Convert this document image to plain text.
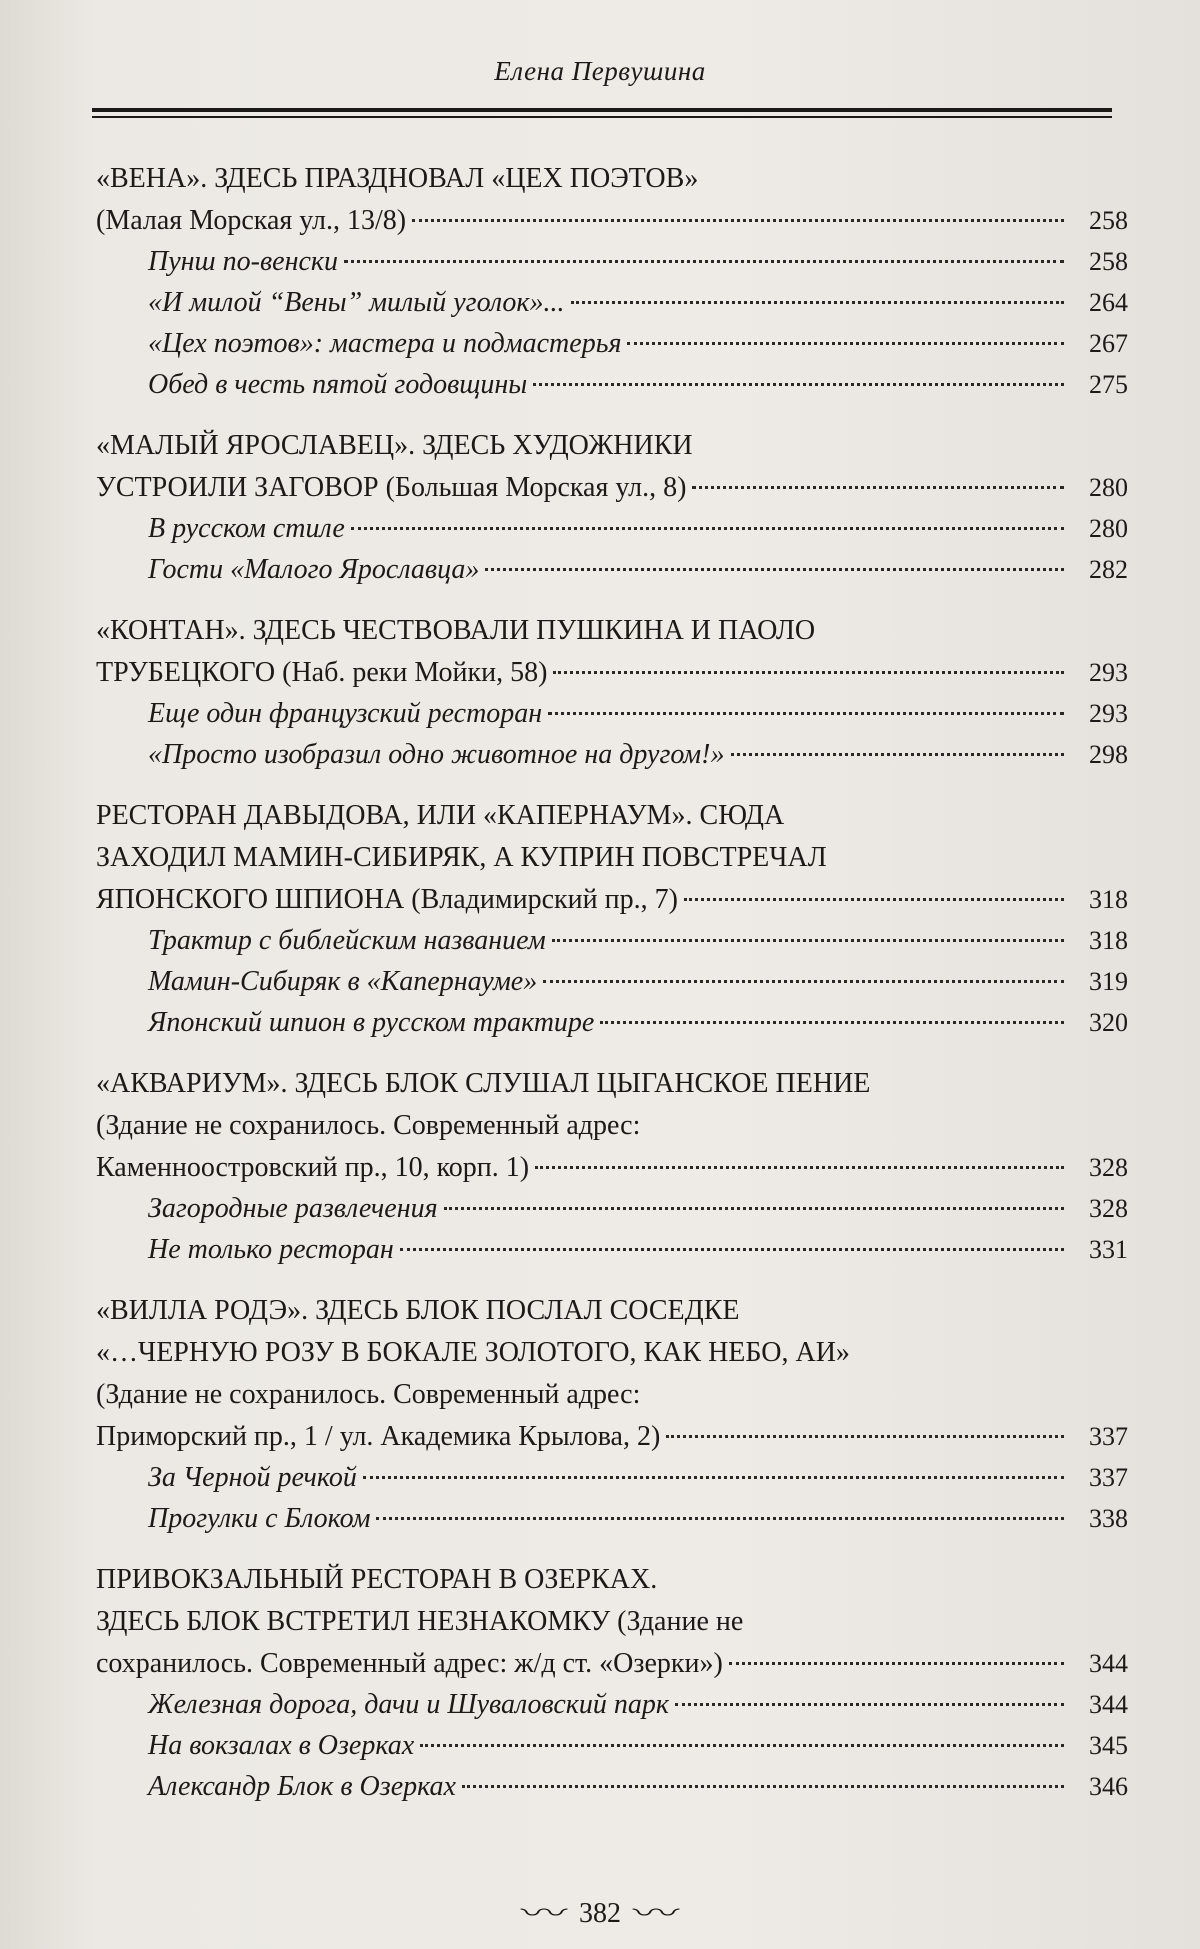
Елена Первушина
«ВЕНА». ЗДЕСЬ ПРАЗДНОВАЛ «ЦЕХ ПОЭТОВ»
(Малая Морская ул., 13/8)	258
Пунш по-венски	258
«И милой “Вены” милый уголок»...	264
«Цех поэтов»: мастера и подмастерья	267
Обед в честь пятой годовщины	275
«МАЛЫЙ ЯРОСЛАВЕЦ». ЗДЕСЬ ХУДОЖНИКИ
УСТРОИЛИ ЗАГОВОР (Большая Морская ул., 8)	280
В русском стиле	280
Гости «Малого Ярославца»	282
«КОНТАН». ЗДЕСЬ ЧЕСТВОВАЛИ ПУШКИНА И ПАОЛО
ТРУБЕЦКОГО (Наб. реки Мойки, 58)	293
Еще один французский ресторан	293
«Просто изобразил одно животное на другом!»	298
РЕСТОРАН ДАВЫДОВА, ИЛИ «КАПЕРНАУМ». СЮДА
ЗАХОДИЛ МАМИН-СИБИРЯК, А КУПРИН ПОВСТРЕЧАЛ
ЯПОНСКОГО ШПИОНА (Владимирский пр., 7)	318
Трактир с библейским названием	318
Мамин-Сибиряк в «Капернауме»	319
Японский шпион в русском трактире	320
«АКВАРИУМ». ЗДЕСЬ БЛОК СЛУШАЛ ЦЫГАНСКОЕ ПЕНИЕ
(Здание не сохранилось. Современный адрес:
Каменноостровский пр., 10, корп. 1)	328
Загородные развлечения	328
Не только ресторан	331
«ВИЛЛА РОДЭ». ЗДЕСЬ БЛОК ПОСЛАЛ СОСЕДКЕ
«…ЧЕРНУЮ РОЗУ В БОКАЛЕ ЗОЛОТОГО, КАК НЕБО, АИ»
(Здание не сохранилось. Современный адрес:
Приморский пр., 1 / ул. Академика Крылова, 2)	337
За Черной речкой	337
Прогулки с Блоком	338
ПРИВОКЗАЛЬНЫЙ РЕСТОРАН В ОЗЕРКАХ.
ЗДЕСЬ БЛОК ВСТРЕТИЛ НЕЗНАКОМКУ (Здание не
сохранилось. Современный адрес: ж/д ст. «Озерки»)	344
Железная дорога, дачи и Шуваловский парк	344
На вокзалах в Озерках	345
Александр Блок в Озерках	346
〰 382 〰
